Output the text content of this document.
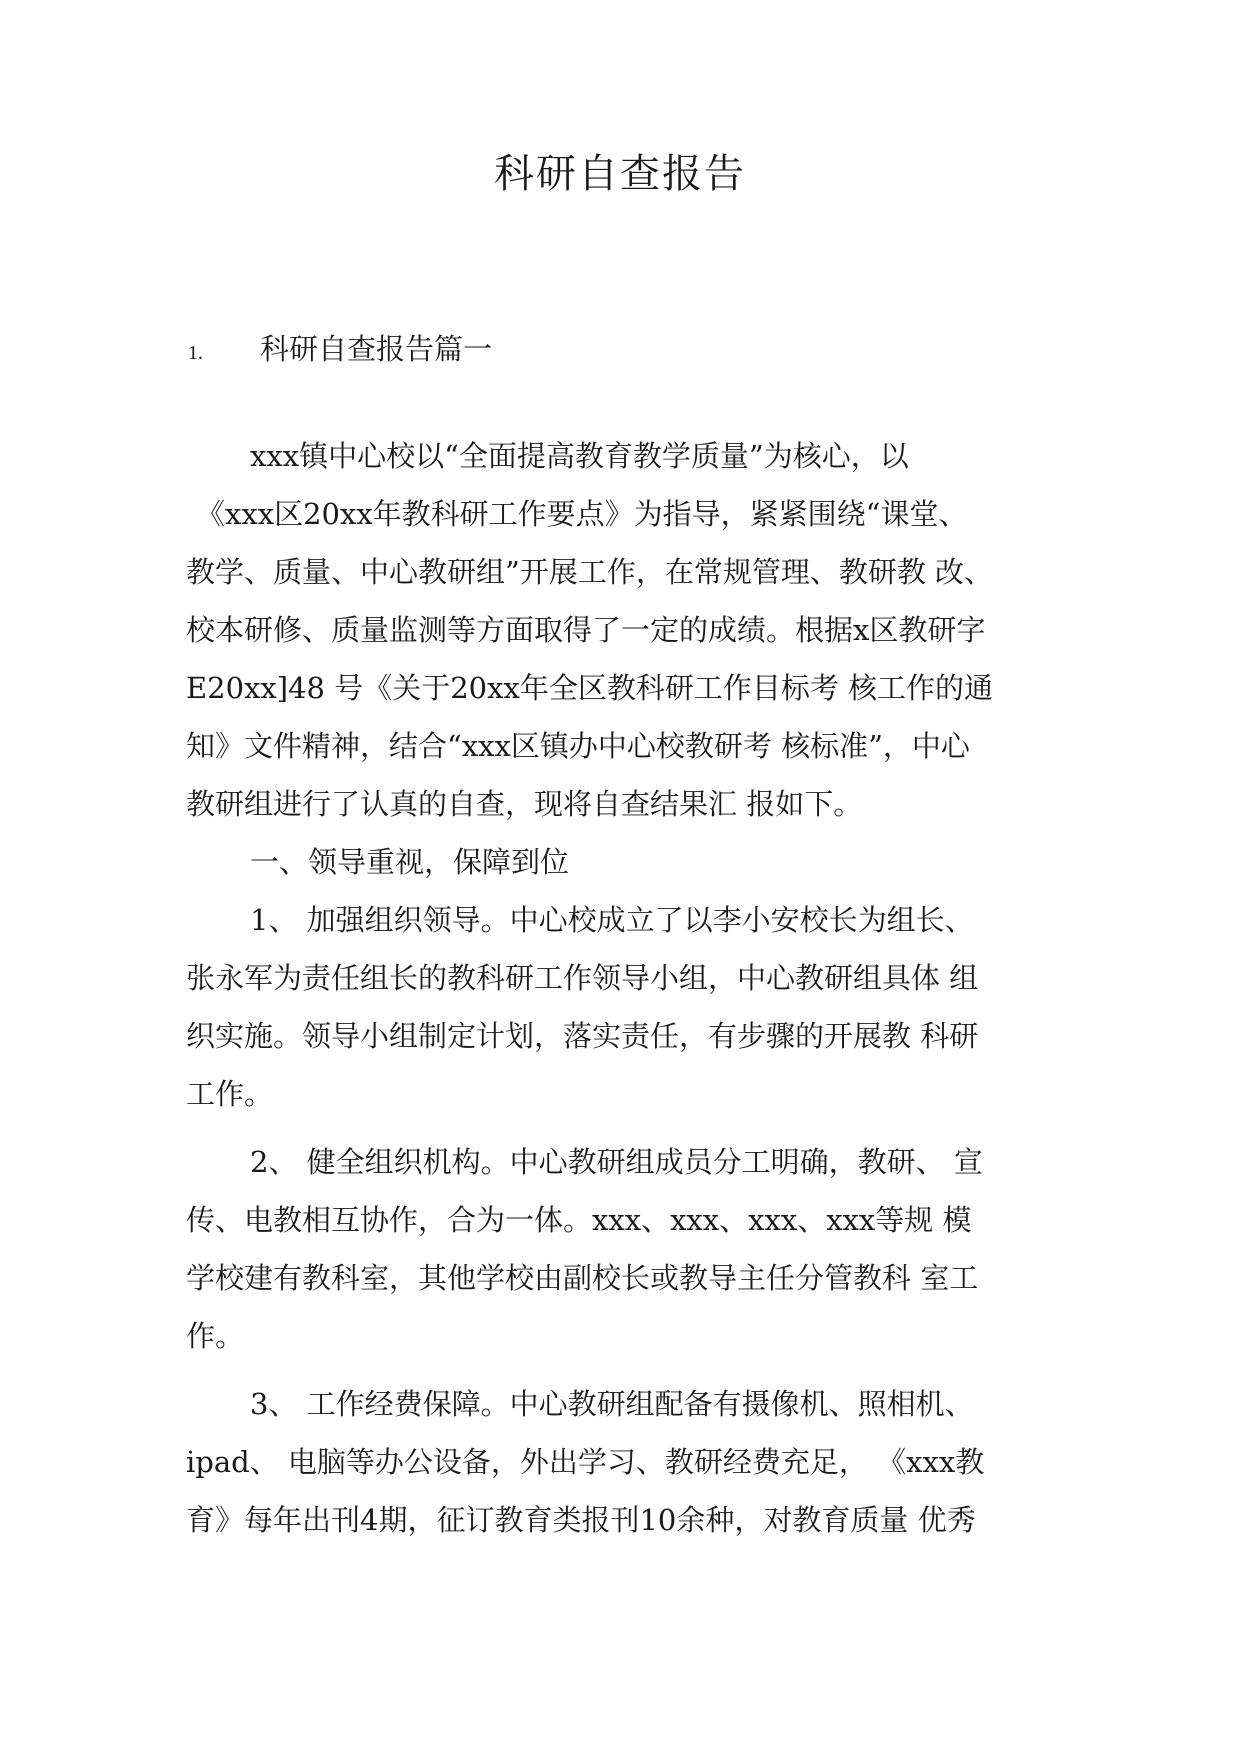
科研自查报告
1. 科研自查报告篇一
xxx镇中心校以“全面提高教育教学质量”为核心，以
《xxx区20xx年教科研工作要点》为指导，紧紧围绕“课堂、
教学、质量、中心教研组”开展工作，在常规管理、教研教 改、
校本研修、质量监测等方面取得了一定的成绩。根据x区教研字
E20xx]48 号《关于20xx年全区教科研工作目标考 核工作的通
知》文件精神，结合“xxx区镇办中心校教研考 核标准”，中心
教研组进行了认真的自查，现将自查结果汇 报如下。
一、领导重视，保障到位
1、 加强组织领导。中心校成立了以李小安校长为组长、
张永军为责任组长的教科研工作领导小组，中心教研组具体 组
织实施。领导小组制定计划，落实责任，有步骤的开展教 科研
工作。
2、 健全组织机构。中心教研组成员分工明确，教研、 宣
传、电教相互协作，合为一体。xxx、xxx、xxx、xxx等规 模
学校建有教科室，其他学校由副校长或教导主任分管教科 室工
作。
3、 工作经费保障。中心教研组配备有摄像机、照相机、
ipad、 电脑等办公设备，外出学习、教研经费充足， 《xxx教
育》每年出刊4期，征订教育类报刊10余种，对教育质量 优秀
